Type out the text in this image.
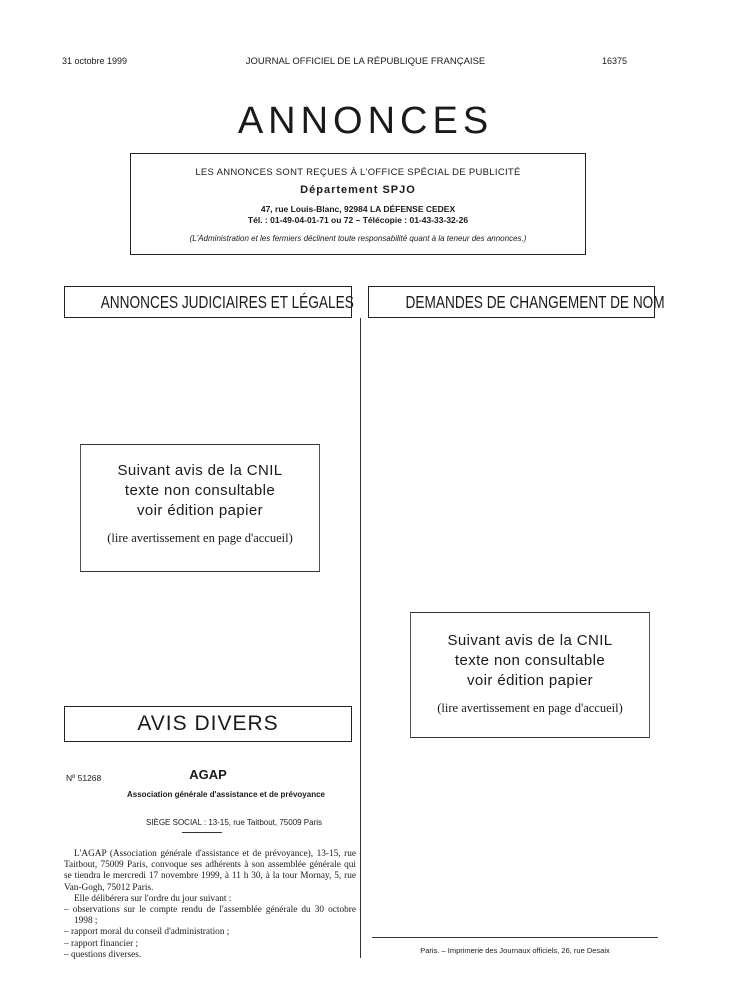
31 octobre 1999	JOURNAL OFFICIEL DE LA RÉPUBLIQUE FRANÇAISE	16375
ANNONCES
LES ANNONCES SONT REÇUES À L'OFFICE SPÉCIAL DE PUBLICITÉ
Département SPJO
47, rue Louis-Blanc, 92984 LA DÉFENSE CEDEX
Tél. : 01-49-04-01-71 ou 72 – Télécopie : 01-43-33-32-26
(L'Administration et les fermiers déclinent toute responsabilité quant à la teneur des annonces.)
ANNONCES JUDICIAIRES ET LÉGALES	DEMANDES DE CHANGEMENT DE NOM
Suivant avis de la CNIL
texte non consultable
voir édition papier
(lire avertissement en page d'accueil)
Suivant avis de la CNIL
texte non consultable
voir édition papier
(lire avertissement en page d'accueil)
AVIS DIVERS
Nº 51268	AGAP
Association générale d'assistance et de prévoyance
SIÈGE SOCIAL : 13-15, rue Taitbout, 75009 Paris

L'AGAP (Association générale d'assistance et de prévoyance), 13-15, rue Taitbout, 75009 Paris, convoque ses adhérents à son assemblée générale qui se tiendra le mercredi 17 novembre 1999, à 11 h 30, à la tour Mornay, 5, rue Van-Gogh, 75012 Paris.

Elle délibérera sur l'ordre du jour suivant :

– observations sur le compte rendu de l'assemblée générale du 30 octobre 1998 ;
– rapport moral du conseil d'administration ;
– rapport financier ;
– questions diverses.	Paris. – Imprimerie des Journaux officiels, 26, rue Desaix
